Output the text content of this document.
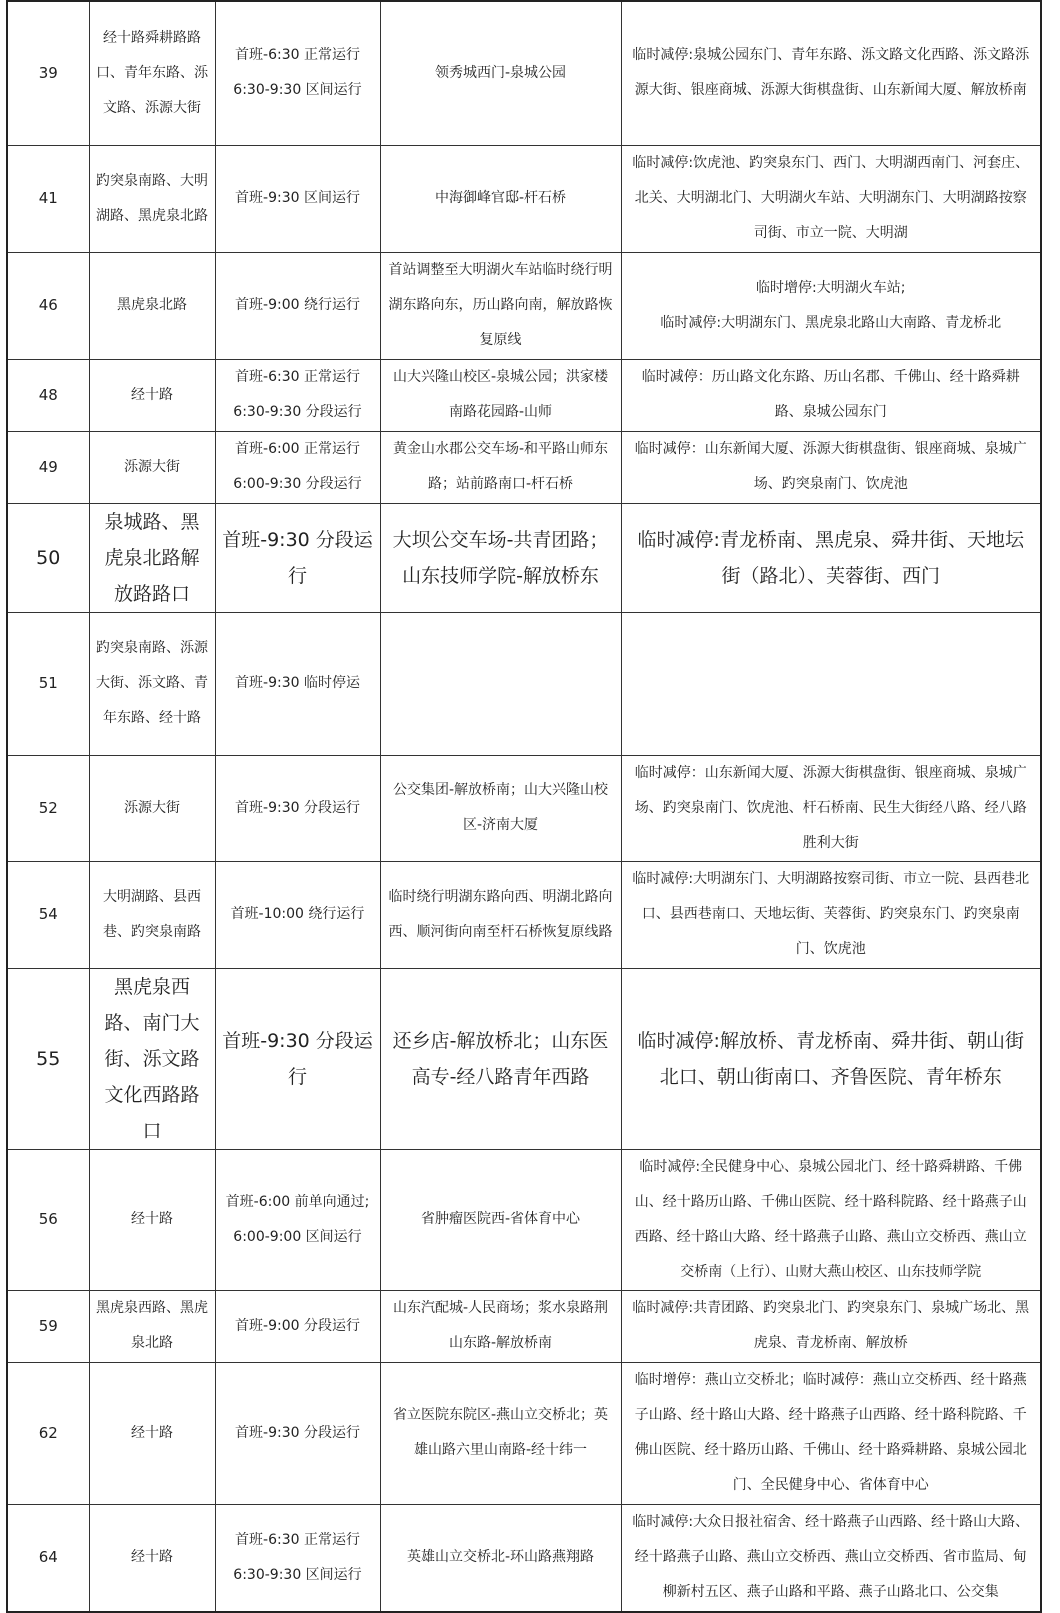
39	经十路舜耕路路口、青年东路、泺文路、泺源大街	首班-6:30 正常运行
6:30-9:30 区间运行	领秀城西门-泉城公园	临时减停:泉城公园东门、青年东路、泺文路文化西路、泺文路泺源大街、银座商城、泺源大街棋盘街、山东新闻大厦、解放桥南

41	趵突泉南路、大明湖路、黑虎泉北路	首班-9:30 区间运行	中海御峰官邸-杆石桥	临时减停:饮虎池、趵突泉东门、西门、大明湖西南门、河套庄、北关、大明湖北门、大明湖火车站、大明湖东门、大明湖路按察司街、市立一院、大明湖

46	黑虎泉北路	首班-9:00 绕行运行	首站调整至大明湖火车站临时绕行明湖东路向东，历山路向南，解放路恢复原线	临时增停:大明湖火车站;
临时减停:大明湖东门、黑虎泉北路山大南路、青龙桥北

48	经十路	首班-6:30 正常运行
6:30-9:30 分段运行	山大兴隆山校区-泉城公园；洪家楼南路花园路-山师	临时减停：历山路文化东路、历山名郡、千佛山、经十路舜耕路、泉城公园东门

49	泺源大街	首班-6:00 正常运行
6:00-9:30 分段运行	黄金山水郡公交车场-和平路山师东路；站前路南口-杆石桥	临时减停：山东新闻大厦、泺源大街棋盘街、银座商城、泉城广场、趵突泉南门、饮虎池

50	泉城路、黑虎泉北路解放路路口	首班-9:30 分段运行	大坝公交车场-共青团路；山东技师学院-解放桥东	临时减停:青龙桥南、黑虎泉、舜井街、天地坛街（路北）、芙蓉街、西门

51	趵突泉南路、泺源大街、泺文路、青年东路、经十路	首班-9:30 临时停运		

52	泺源大街	首班-9:30 分段运行	公交集团-解放桥南；山大兴隆山校区-济南大厦	临时减停：山东新闻大厦、泺源大街棋盘街、银座商城、泉城广场、趵突泉南门、饮虎池、杆石桥南、民生大街经八路、经八路胜利大街

54	大明湖路、县西巷、趵突泉南路	首班-10:00 绕行运行	临时绕行明湖东路向西、明湖北路向西、顺河街向南至杆石桥恢复原线路	临时减停:大明湖东门、大明湖路按察司街、市立一院、县西巷北口、县西巷南口、天地坛街、芙蓉街、趵突泉东门、趵突泉南门、饮虎池

55	黑虎泉西路、南门大街、泺文路文化西路路口	首班-9:30 分段运行	还乡店-解放桥北；山东医高专-经八路青年西路	临时减停:解放桥、青龙桥南、舜井街、朝山街北口、朝山街南口、齐鲁医院、青年桥东

56	经十路	首班-6:00 前单向通过;
6:00-9:00 区间运行	省肿瘤医院西-省体育中心	临时减停:全民健身中心、泉城公园北门、经十路舜耕路、千佛山、经十路历山路、千佛山医院、经十路科院路、经十路燕子山西路、经十路山大路、经十路燕子山路、燕山立交桥西、燕山立交桥南（上行）、山财大燕山校区、山东技师学院

59	黑虎泉西路、黑虎泉北路	首班-9:00 分段运行	山东汽配城-人民商场；浆水泉路荆山东路-解放桥南	临时减停:共青团路、趵突泉北门、趵突泉东门、泉城广场北、黑虎泉、青龙桥南、解放桥

62	经十路	首班-9:30 分段运行	省立医院东院区-燕山立交桥北；英雄山路六里山南路-经十纬一	临时增停：燕山立交桥北；临时减停：燕山立交桥西、经十路燕子山路、经十路山大路、经十路燕子山西路、经十路科院路、千佛山医院、经十路历山路、千佛山、经十路舜耕路、泉城公园北门、全民健身中心、省体育中心

64	经十路	首班-6:30 正常运行
6:30-9:30 区间运行	英雄山立交桥北-环山路燕翔路	临时减停:大众日报社宿舍、经十路燕子山西路、经十路山大路、经十路燕子山路、燕山立交桥西、燕山立交桥西、省市监局、甸柳新村五区、燕子山路和平路、燕子山路北口、公交集
